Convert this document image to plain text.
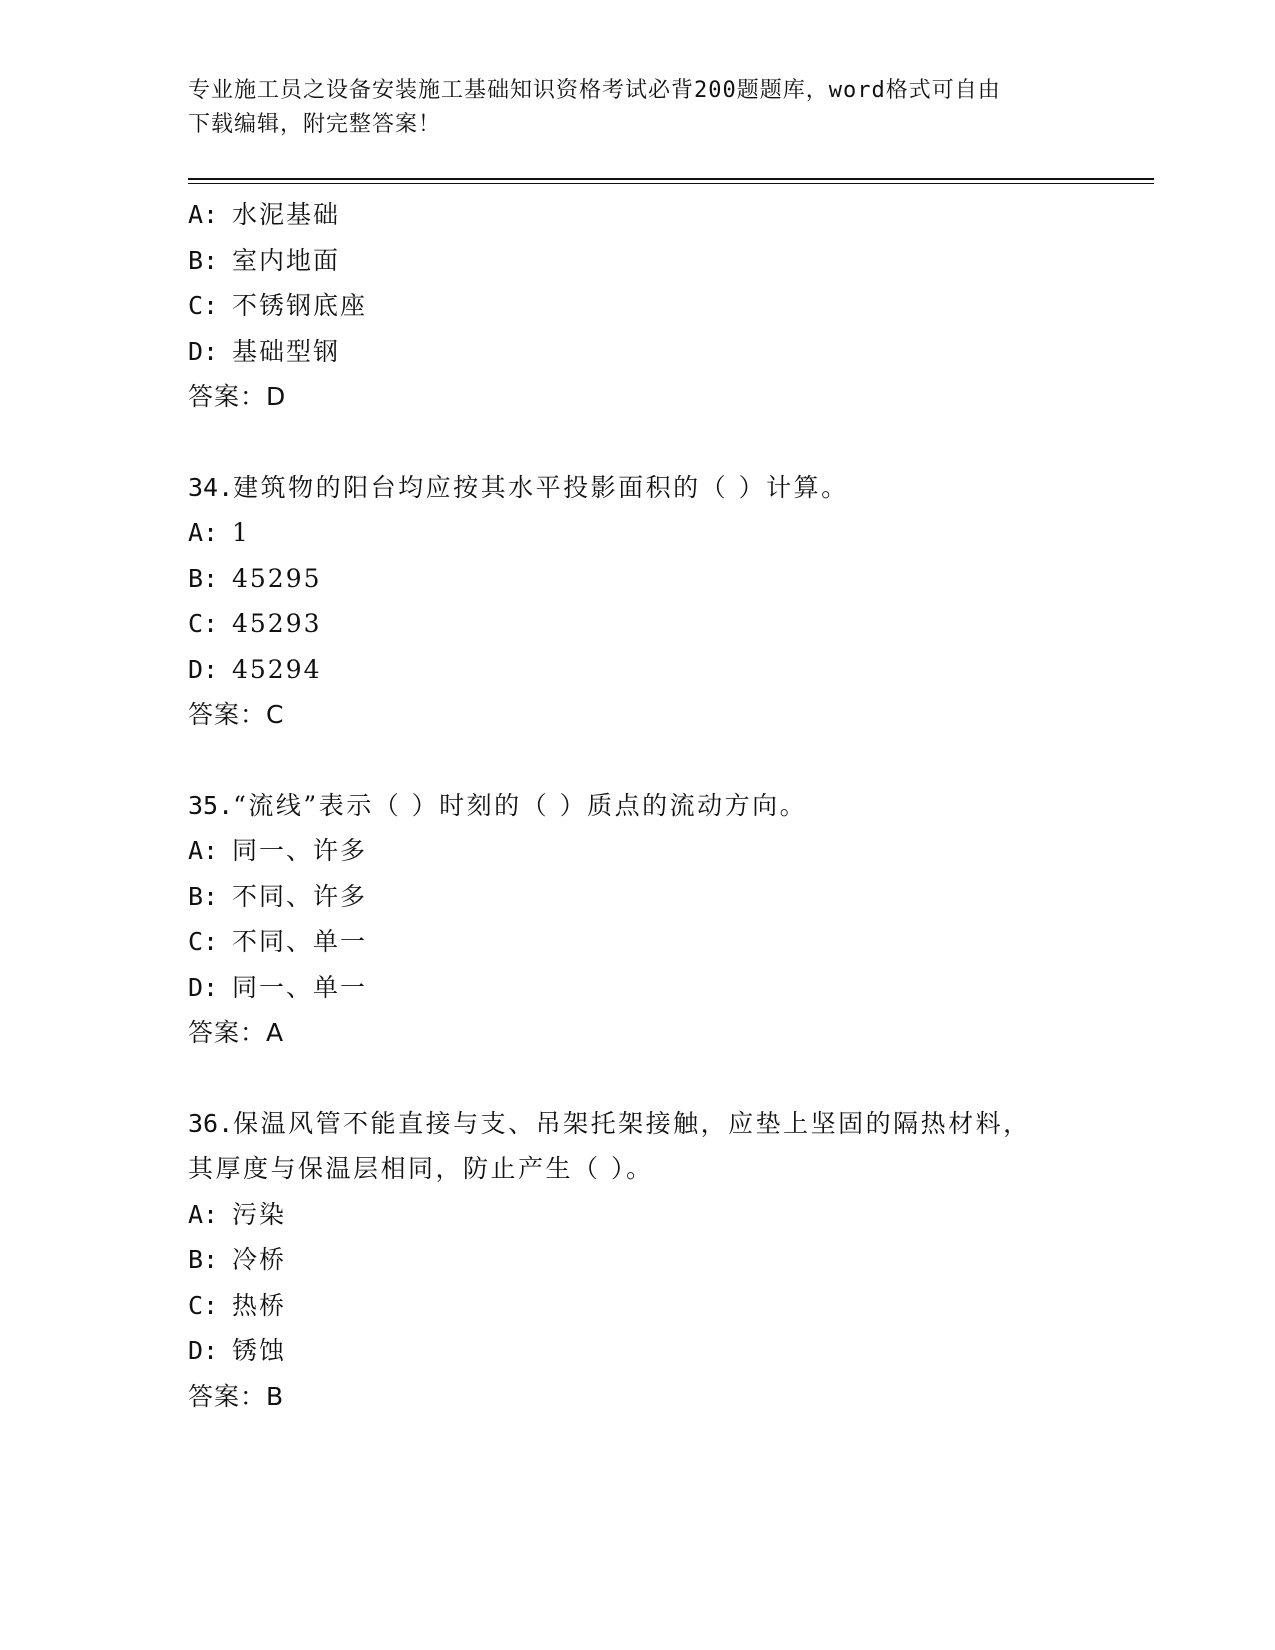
专业施工员之设备安装施工基础知识资格考试必背200题题库，word格式可自由
下载编辑，附完整答案！
A: 水泥基础
B: 室内地面
C: 不锈钢底座
D: 基础型钢
答案：D
34.建筑物的阳台均应按其水平投影面积的（ ）计算。
A: 1
B: 45295
C: 45293
D: 45294
答案：C
35.“流线”表示（ ）时刻的（ ）质点的流动方向。
A: 同一、许多
B: 不同、许多
C: 不同、单一
D: 同一、单一
答案：A
36.保温风管不能直接与支、吊架托架接触，应垫上坚固的隔热材料，
其厚度与保温层相同，防止产生（ ）。
A: 污染
B: 冷桥
C: 热桥
D: 锈蚀
答案：B
